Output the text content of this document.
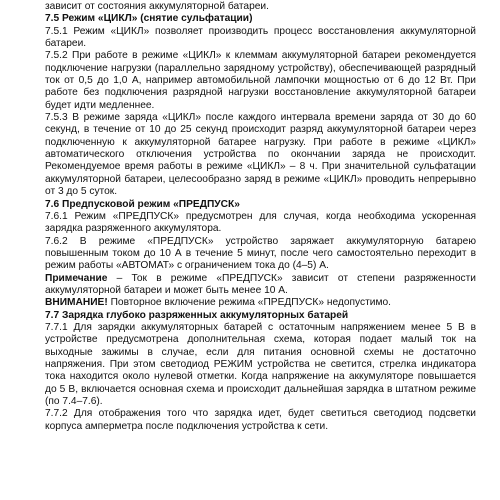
зависит от состояния аккумуляторной батареи.

7.5 Режим «ЦИКЛ» (снятие сульфатации)

7.5.1 Режим «ЦИКЛ» позволяет производить процесс восстановления аккумуляторной батареи.

7.5.2 При работе в режиме «ЦИКЛ» к клеммам аккумуляторной батареи рекомендуется подключение нагрузки (параллельно зарядному устройству), обеспечивающей разрядный ток от 0,5 до 1,0 А, например автомобильной лампочки мощностью от 6 до 12 Вт. При работе без подключения разрядной нагрузки восстановление аккумуляторной батареи будет идти медленнее.

7.5.3 В режиме заряда «ЦИКЛ» после каждого интервала времени заряда от 30 до 60 секунд, в течение от 10 до 25 секунд происходит разряд аккумуляторной батареи через подключенную к аккумуляторной батарее нагрузку. При работе в режиме «ЦИКЛ» автоматического отключения устройства по окончании заряда не происходит. Рекомендуемое время работы в режиме «ЦИКЛ» – 8 ч. При значительной сульфатации аккумуляторной батареи, целесообразно заряд в режиме «ЦИКЛ» проводить непрерывно от 3 до 5 суток.

7.6 Предпусковой режим «ПРЕДПУСК»

7.6.1 Режим «ПРЕДПУСК» предусмотрен для случая, когда необходима ускоренная зарядка разряженного аккумулятора.

7.6.2 В режиме «ПРЕДПУСК» устройство заряжает аккумуляторную батарею повышенным током до 10 А в течение 5 минут, после чего самостоятельно переходит в режим работы «АВТОМАТ» с ограничением тока до (4–5) А.

Примечание – Ток в режиме «ПРЕДПУСК» зависит от степени разряженности аккумуляторной батареи и может быть менее 10 А.

ВНИМАНИЕ! Повторное включение режима «ПРЕДПУСК» недопустимо.

7.7 Зарядка глубоко разряженных аккумуляторных батарей

7.7.1 Для зарядки аккумуляторных батарей с остаточным напряжением менее 5 В в устройстве предусмотрена дополнительная схема, которая подает малый ток на выходные зажимы в случае, если для питания основной схемы не достаточно напряжения. При этом светодиод РЕЖИМ устройства не светится, стрелка индикатора тока находится около нулевой отметки. Когда напряжение на аккумуляторе повышается до 5 В, включается основная схема и происходит дальнейшая зарядка в штатном режиме (по 7.4–7.6).

7.7.2 Для отображения того что зарядка идет, будет светиться светодиод подсветки корпуса амперметра после подключения устройства к сети.
